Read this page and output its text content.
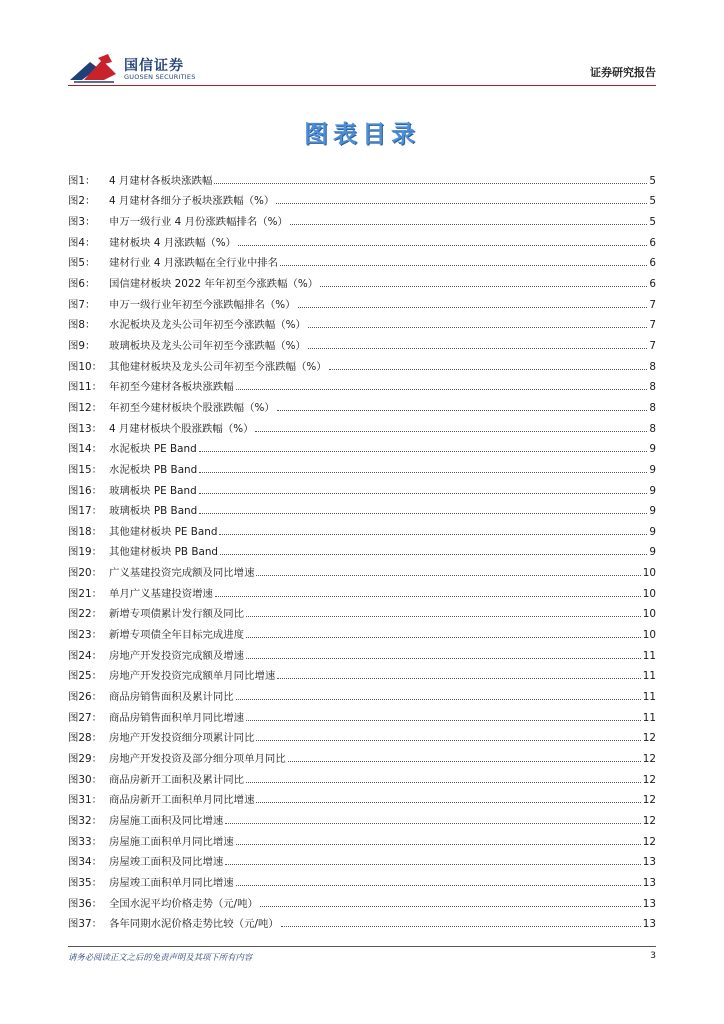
国信证券
GUOSEN SECURITIES	证券研究报告
图表目录
图1：	4 月建材各板块涨跌幅	5
图2：	4 月建材各细分子板块涨跌幅（%）	5
图3：	申万一级行业 4 月份涨跌幅排名（%）	5
图4：	建材板块 4 月涨跌幅（%）	6
图5：	建材行业 4 月涨跌幅在全行业中排名	6
图6：	国信建材板块 2022 年年初至今涨跌幅（%）	6
图7：	申万一级行业年初至今涨跌幅排名（%）	7
图8：	水泥板块及龙头公司年初至今涨跌幅（%）	7
图9：	玻璃板块及龙头公司年初至今涨跌幅（%）	7
图10： 其他建材板块及龙头公司年初至今涨跌幅（%）	8
图11： 年初至今建材各板块涨跌幅	8
图12： 年初至今建材板块个股涨跌幅（%）	8
图13： 4 月建材板块个股涨跌幅（%）	8
图14： 水泥板块 PE Band	9
图15： 水泥板块 PB Band	9
图16： 玻璃板块 PE Band	9
图17： 玻璃板块 PB Band	9
图18： 其他建材板块 PE Band	9
图19： 其他建材板块 PB Band	9
图20： 广义基建投资完成额及同比增速	10
图21： 单月广义基建投资增速	10
图22： 新增专项债累计发行额及同比	10
图23： 新增专项债全年目标完成进度	10
图24： 房地产开发投资完成额及增速	11
图25： 房地产开发投资完成额单月同比增速	11
图26： 商品房销售面积及累计同比	11
图27： 商品房销售面积单月同比增速	11
图28： 房地产开发投资细分项累计同比	12
图29： 房地产开发投资及部分细分项单月同比	12
图30： 商品房新开工面积及累计同比	12
图31： 商品房新开工面积单月同比增速	12
图32： 房屋施工面积及同比增速	12
图33： 房屋施工面积单月同比增速	12
图34： 房屋竣工面积及同比增速	13
图35： 房屋竣工面积单月同比增速	13
图36： 全国水泥平均价格走势（元/吨）	13
图37： 各年同期水泥价格走势比较（元/吨）	13
请务必阅读正文之后的免责声明及其项下所有内容	3
